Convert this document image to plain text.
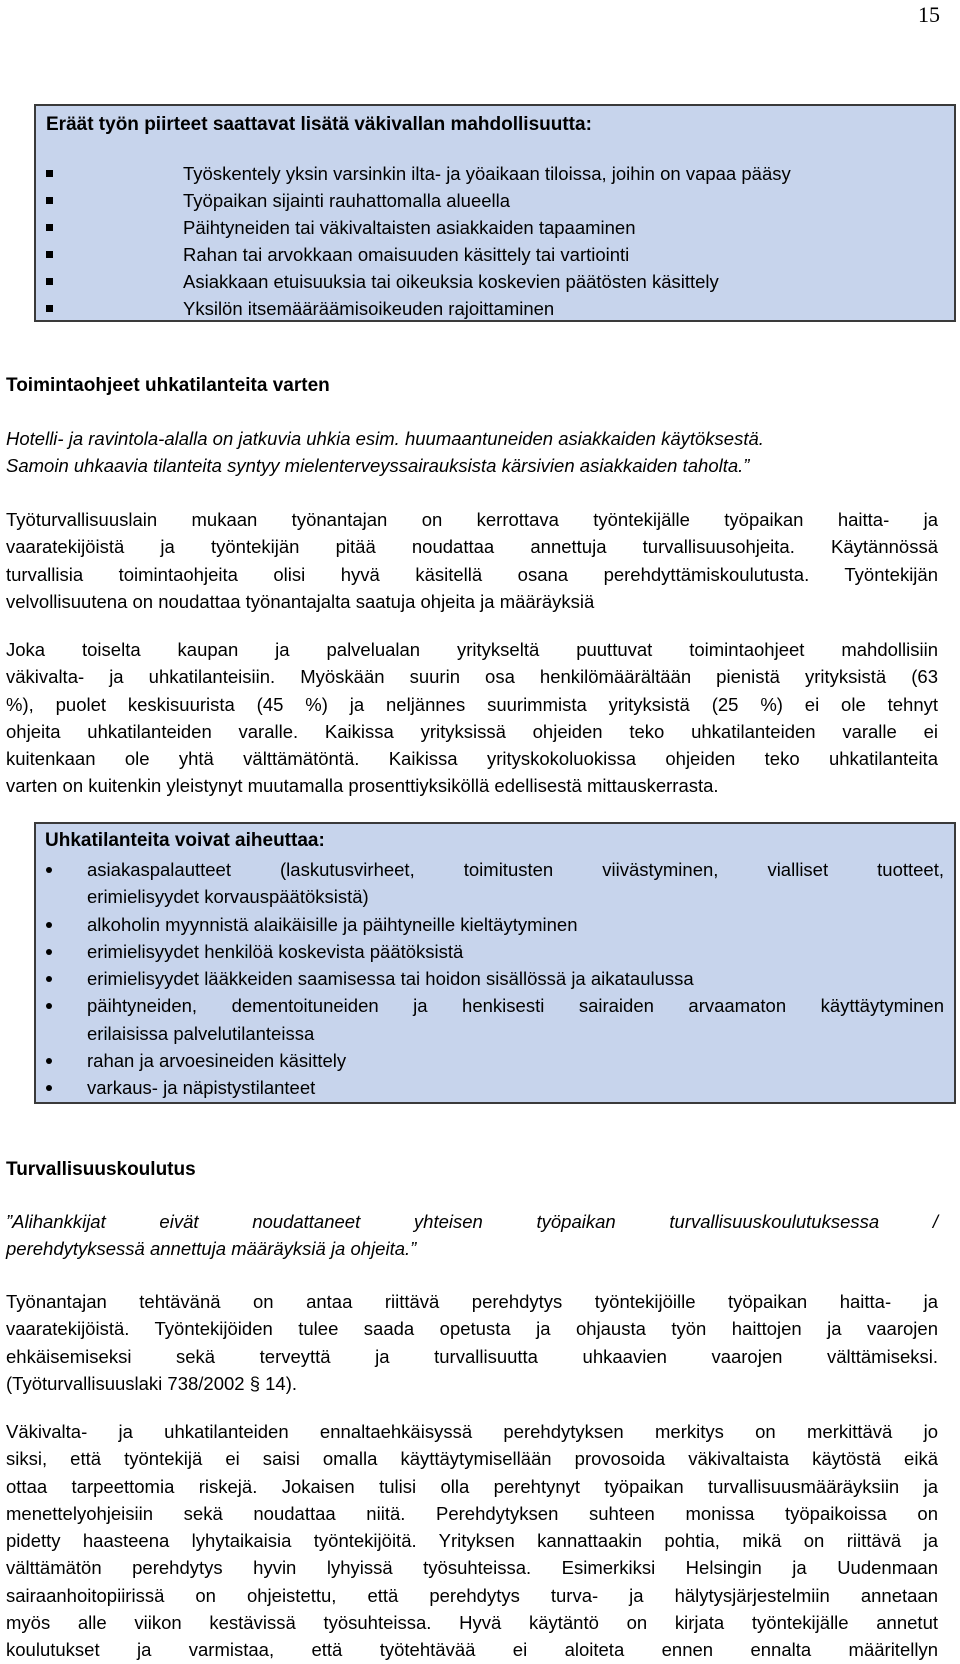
15
Eräät työn piirteet saattavat lisätä väkivallan mahdollisuutta:
Työskentely yksin varsinkin ilta- ja yöaikaan tiloissa, joihin on vapaa pääsy
Työpaikan sijainti rauhattomalla alueella
Päihtyneiden tai väkivaltaisten asiakkaiden tapaaminen
Rahan tai arvokkaan omaisuuden käsittely tai vartiointi
Asiakkaan etuisuuksia tai oikeuksia koskevien päätösten käsittely
Yksilön itsemääräämisoikeuden rajoittaminen
Toimintaohjeet uhkatilanteita varten
Hotelli- ja ravintola-alalla on jatkuvia uhkia esim. huumaantuneiden asiakkaiden käytöksestä.
Samoin uhkaavia tilanteita syntyy mielenterveyssairauksista kärsivien asiakkaiden taholta.”
Työturvallisuuslain mukaan työnantajan on kerrottava työntekijälle työpaikan haitta- ja
vaaratekijöistä ja työntekijän pitää noudattaa annettuja turvallisuusohjeita. Käytännössä
turvallisia toimintaohjeita olisi hyvä käsitellä osana perehdyttämiskoulutusta. Työntekijän
velvollisuutena on noudattaa työnantajalta saatuja ohjeita ja määräyksiä
Joka toiselta kaupan ja palvelualan yritykseltä puuttuvat toimintaohjeet mahdollisiin
väkivalta- ja uhkatilanteisiin. Myöskään suurin osa henkilömäärältään pienistä yrityksistä (63
%), puolet keskisuurista (45 %) ja neljännes suurimmista yrityksistä (25 %) ei ole tehnyt
ohjeita uhkatilanteiden varalle. Kaikissa yrityksissä ohjeiden teko uhkatilanteiden varalle ei
kuitenkaan ole yhtä välttämätöntä. Kaikissa yrityskokoluokissa ohjeiden teko uhkatilanteita
varten on kuitenkin yleistynyt muutamalla prosenttiyksiköllä edellisestä mittauskerrasta.
Uhkatilanteita voivat aiheuttaa:
asiakaspalautteet (laskutusvirheet, toimitusten viivästyminen, vialliset tuotteet,
erimielisyydet korvauspäätöksistä)
alkoholin myynnistä alaikäisille ja päihtyneille kieltäytyminen
erimielisyydet henkilöä koskevista päätöksistä
erimielisyydet lääkkeiden saamisessa tai hoidon sisällössä ja aikataulussa
päihtyneiden, dementoituneiden ja henkisesti sairaiden arvaamaton käyttäytyminen
erilaisissa palvelutilanteissa
rahan ja arvoesineiden käsittely
varkaus- ja näpistystilanteet
Turvallisuuskoulutus
”Alihankkijat eivät noudattaneet yhteisen työpaikan turvallisuuskoulutuksessa /
perehdytyksessä annettuja määräyksiä ja ohjeita.”
Työnantajan tehtävänä on antaa riittävä perehdytys työntekijöille työpaikan haitta- ja
vaaratekijöistä. Työntekijöiden tulee saada opetusta ja ohjausta työn haittojen ja vaarojen
ehkäisemiseksi sekä terveyttä ja turvallisuutta uhkaavien vaarojen välttämiseksi.
(Työturvallisuuslaki 738/2002 § 14).
Väkivalta- ja uhkatilanteiden ennaltaehkäisyssä perehdytyksen merkitys on merkittävä jo
siksi, että työntekijä ei saisi omalla käyttäytymisellään provosoida väkivaltaista käytöstä eikä
ottaa tarpeettomia riskejä. Jokaisen tulisi olla perehtynyt työpaikan turvallisuusmääräyksiin ja
menettelyohjeisiin sekä noudattaa niitä. Perehdytyksen suhteen monissa työpaikoissa on
pidetty haasteena lyhytaikaisia työntekijöitä. Yrityksen kannattaakin pohtia, mikä on riittävä ja
välttämätön perehdytys hyvin lyhyissä työsuhteissa. Esimerkiksi Helsingin ja Uudenmaan
sairaanhoitopiirissä on ohjeistettu, että perehdytys turva- ja hälytysjärjestelmiin annetaan
myös alle viikon kestävissä työsuhteissa. Hyvä käytäntö on kirjata työntekijälle annetut
koulutukset ja varmistaa, että työtehtävää ei aloiteta ennen ennalta määritellyn
